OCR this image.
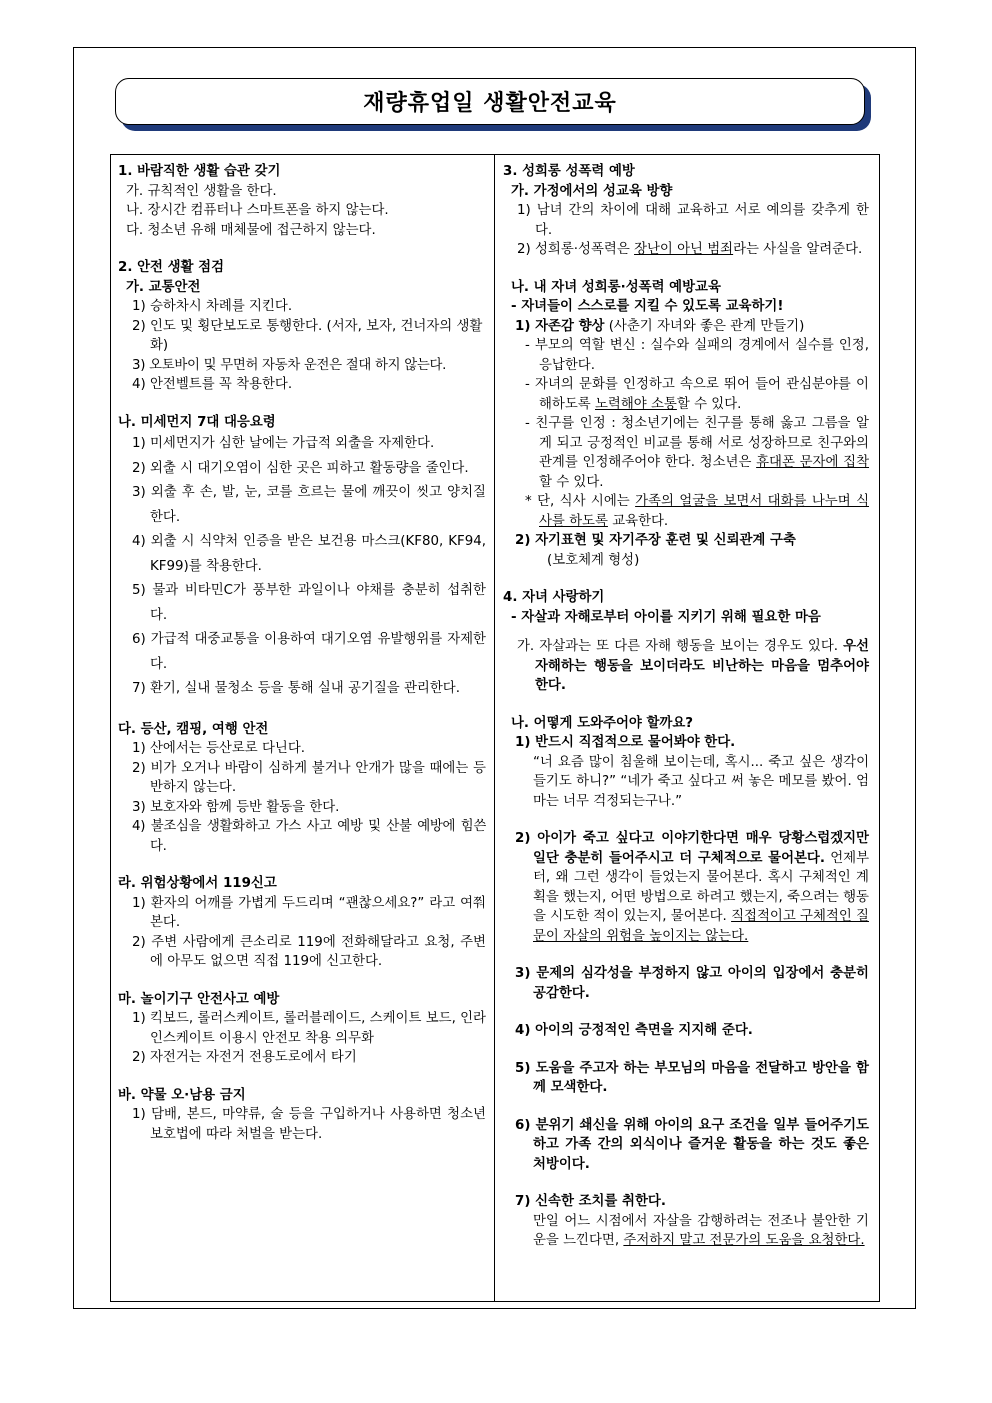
재량휴업일 생활안전교육

1. 바람직한 생활 습관 갖기

가. 규칙적인 생활을 한다.

나. 장시간 컴퓨터나 스마트폰을 하지 않는다.

다. 청소년 유해 매체물에 접근하지 않는다.

2. 안전 생활 점검

가. 교통안전

1) 승하차시 차례를 지킨다.

2) 인도 및 횡단보도로 통행한다. (서자, 보자, 건너자의 생활화)

3) 오토바이 및 무면허 자동차 운전은 절대 하지 않는다.

4) 안전벨트를 꼭 착용한다.

나. 미세먼지 7대 대응요령

1) 미세먼지가 심한 날에는 가급적 외출을 자제한다.

2) 외출 시 대기오염이 심한 곳은 피하고 활동량을 줄인다.

3) 외출 후 손, 발, 눈, 코를 흐르는 물에 깨끗이 씻고 양치질 한다.

4) 외출 시 식약처 인증을 받은 보건용 마스크(KF80, KF94, KF99)를 착용한다.

5) 물과 비타민C가 풍부한 과일이나 야채를 충분히 섭취한다.

6) 가급적 대중교통을 이용하여 대기오염 유발행위를 자제한다.

7) 환기, 실내 물청소 등을 통해 실내 공기질을 관리한다.

다. 등산, 캠핑, 여행 안전

1) 산에서는 등산로로 다닌다.

2) 비가 오거나 바람이 심하게 불거나 안개가 많을 때에는 등반하지 않는다.

3) 보호자와 함께 등반 활동을 한다.

4) 불조심을 생활화하고 가스 사고 예방 및 산불 예방에 힘쓴다.

라. 위험상황에서 119신고

1) 환자의 어깨를 가볍게 두드리며 “괜찮으세요?” 라고 여쭤본다.

2) 주변 사람에게 큰소리로 119에 전화해달라고 요청, 주변에 아무도 없으면 직접 119에 신고한다.

마. 놀이기구 안전사고 예방

1) 킥보드, 롤러스케이트, 롤러블레이드, 스케이트 보드, 인라인스케이트 이용시 안전모 착용 의무화

2) 자전거는 자전거 전용도로에서 타기

바. 약물 오·남용 금지

1) 담배, 본드, 마약류, 술 등을 구입하거나 사용하면 청소년 보호법에 따라 처벌을 받는다.

3. 성희롱 성폭력 예방

가. 가정에서의 성교육 방향

1) 남녀 간의 차이에 대해 교육하고 서로 예의를 갖추게 한다.

2) 성희롱·성폭력은 장난이 아닌 범죄라는 사실을 알려준다.

나. 내 자녀 성희롱·성폭력 예방교육

- 자녀들이 스스로를 지킬 수 있도록 교육하기!

1) 자존감 향상 (사춘기 자녀와 좋은 관계 만들기)

- 부모의 역할 변신 : 실수와 실패의 경계에서 실수를 인정, 응납한다.

- 자녀의 문화를 인정하고 속으로 뛰어 들어 관심분야를 이해하도록 노력해야 소통할 수 있다.

- 친구를 인정 : 청소년기에는 친구를 통해 옳고 그름을 알게 되고 긍정적인 비교를 통해 서로 성장하므로 친구와의 관계를 인정해주어야 한다. 청소년은 휴대폰 문자에 집착할 수 있다.

* 단, 식사 시에는 가족의 얼굴을 보면서 대화를 나누며 식사를 하도록 교육한다.

2) 자기표현 및 자기주장 훈련 및 신뢰관계 구축

(보호체계 형성)

4. 자녀 사랑하기

- 자살과 자해로부터 아이를 지키기 위해 필요한 마음

가. 자살과는 또 다른 자해 행동을 보이는 경우도 있다. 우선 자해하는 행동을 보이더라도 비난하는 마음을 멈추어야 한다.

나. 어떻게 도와주어야 할까요?

1) 반드시 직접적으로 물어봐야 한다.

“너 요즘 많이 침울해 보이는데, 혹시... 죽고 싶은 생각이 들기도 하니?” “네가 죽고 싶다고 써 놓은 메모를 봤어. 엄마는 너무 걱정되는구나.”

2) 아이가 죽고 싶다고 이야기한다면 매우 당황스럽겠지만 일단 충분히 들어주시고 더 구체적으로 물어본다. 언제부터, 왜 그런 생각이 들었는지 물어본다. 혹시 구체적인 계획을 했는지, 어떤 방법으로 하려고 했는지, 죽으려는 행동을 시도한 적이 있는지, 물어본다. 직접적이고 구체적인 질문이 자살의 위험을 높이지는 않는다.

3) 문제의 심각성을 부정하지 않고 아이의 입장에서 충분히 공감한다.

4) 아이의 긍정적인 측면을 지지해 준다.

5) 도움을 주고자 하는 부모님의 마음을 전달하고 방안을 함께 모색한다.

6) 분위기 쇄신을 위해 아이의 요구 조건을 일부 들어주기도 하고 가족 간의 외식이나 즐거운 활동을 하는 것도 좋은 처방이다.

7) 신속한 조치를 취한다.

만일 어느 시점에서 자살을 감행하려는 전조나 불안한 기운을 느낀다면, 주저하지 말고 전문가의 도움을 요청한다.
